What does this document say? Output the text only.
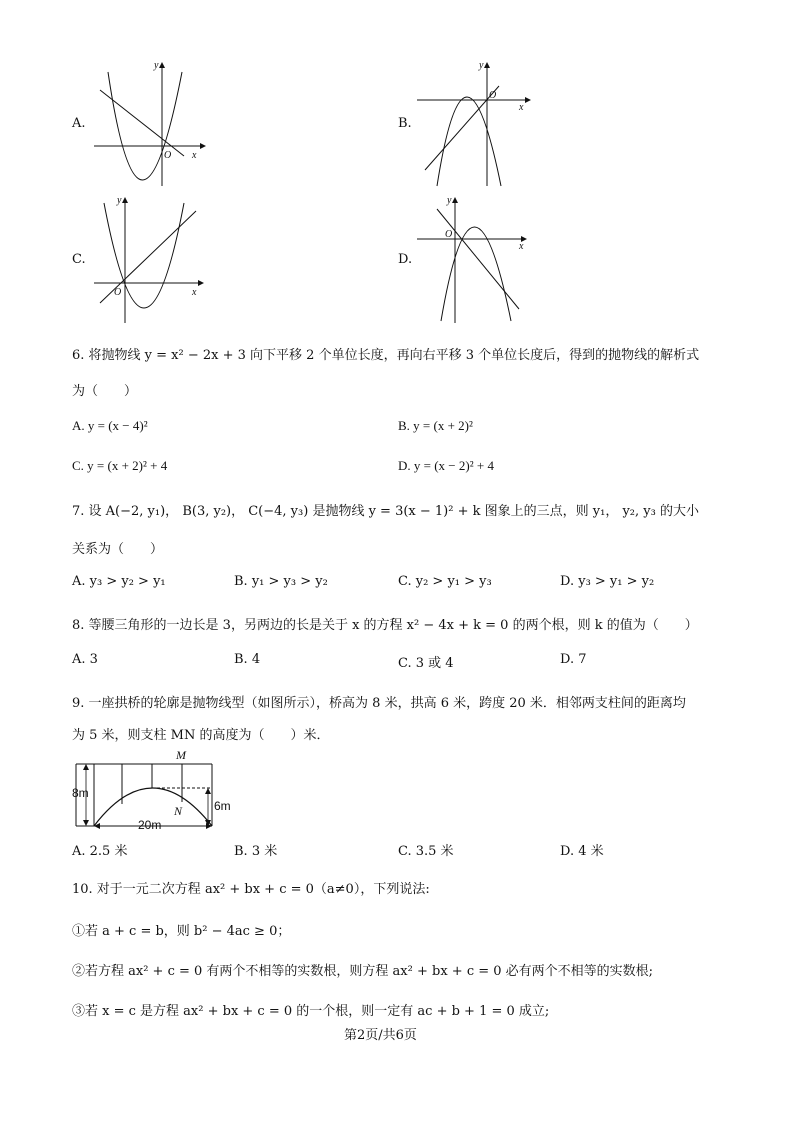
A.
x
y
O
B.
x
y
O
C.
x
y
O
D.
x
y
O
6. 将抛物线 y = x² − 2x + 3 向下平移 2 个单位长度，再向右平移 3 个单位长度后，得到的抛物线的解析式
为（　　）
A. y = (x − 4)²	B. y = (x + 2)²
C. y = (x + 2)² + 4	D. y = (x − 2)² + 4
7. 设 A(−2, y₁)， B(3, y₂)， C(−4, y₃) 是抛物线 y = 3(x − 1)² + k 图象上的三点，则 y₁， y₂, y₃ 的大小
关系为（　　）
A. y₃ > y₂ > y₁	B. y₁ > y₃ > y₂	C. y₂ > y₁ > y₃	D. y₃ > y₁ > y₂
8. 等腰三角形的一边长是 3，另两边的长是关于 x 的方程 x² − 4x + k = 0 的两个根，则 k 的值为（　　）
A. 3	B. 4	C. 3 或 4	D. 7
9. 一座拱桥的轮廓是抛物线型（如图所示），桥高为 8 米，拱高 6 米，跨度 20 米．相邻两支柱间的距离均
为 5 米，则支柱 MN 的高度为（　　）米．
M
N
8m
6m
20m
A. 2.5 米	B. 3 米	C. 3.5 米	D. 4 米
10. 对于一元二次方程 ax² + bx + c = 0（a≠0），下列说法:
①若 a + c = b，则 b² − 4ac ≥ 0；
②若方程 ax² + c = 0 有两个不相等的实数根，则方程 ax² + bx + c = 0 必有两个不相等的实数根;
③若 x = c 是方程 ax² + bx + c = 0 的一个根，则一定有 ac + b + 1 = 0 成立;
第2页/共6页
